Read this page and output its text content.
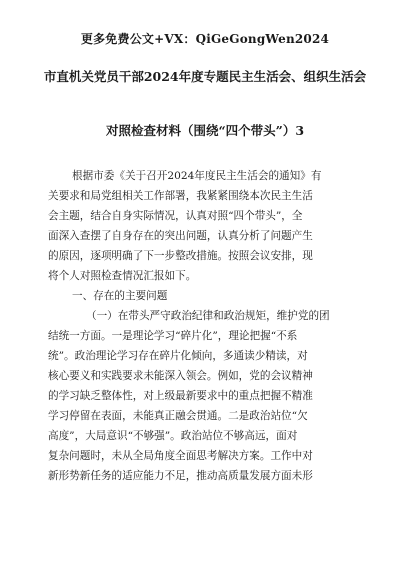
更多免费公文+VX：QiGeGongWen2024
市直机关党员干部2024年度专题民主生活会、组织生活会
对照检查材料（围绕“四个带头”）3
根据市委《关于召开2024年度民主生活会的通知》有
关要求和局党组相关工作部署，我紧紧围绕本次民主生活
会主题，结合自身实际情况，认真对照“四个带头”，全
面深入查摆了自身存在的突出问题，认真分析了问题产生
的原因，逐项明确了下一步整改措施。按照会议安排，现
将个人对照检查情况汇报如下。
一、存在的主要问题
（一）在带头严守政治纪律和政治规矩，维护党的团
结统一方面。一是理论学习“碎片化”，理论把握“不系
统”。政治理论学习存在碎片化倾向，多通读少精读，对
核心要义和实践要求未能深入领会。例如，党的会议精神
的学习缺乏整体性，对上级最新要求中的重点把握不精准
学习停留在表面，未能真正融会贯通。二是政治站位“欠
高度”，大局意识“不够强”。政治站位不够高远，面对
复杂问题时，未从全局角度全面思考解决方案。工作中对
新形势新任务的适应能力不足，推动高质量发展方面未形
